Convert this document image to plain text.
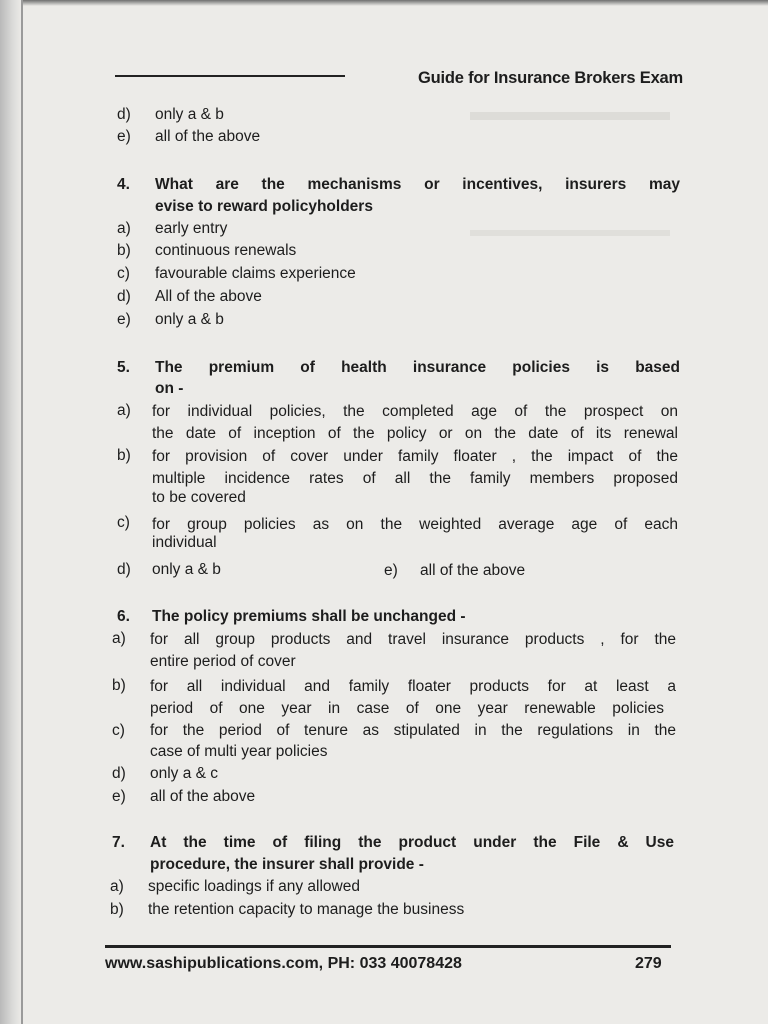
Guide for Insurance Brokers Exam
d) only a & b
e) all of the above
4. What are the mechanisms or incentives, insurers may
evise to reward policyholders
a) early entry
b) continuous renewals
c) favourable claims experience
d) All of the above
e) only a & b
5. The premium of health insurance policies is based
on -
a) for individual policies, the completed age of the prospect on
the date of inception of the policy or on the date of its renewal
b) for provision of cover under family floater , the impact of the
multiple incidence rates of all the family members proposed
to be covered
c) for group policies as on the weighted average age of each
individual
d) only a & b	e) all of the above
6. The policy premiums shall be unchanged -
a) for all group products and travel insurance products , for the
entire period of cover
b) for all individual and family floater products for at least a
period of one year in case of one year renewable policies
c) for the period of tenure as stipulated in the regulations in the
case of multi year policies
d) only a & c
e) all of the above
7. At the time of filing the product under the File & Use
procedure, the insurer shall provide -
a) specific loadings if any allowed
b) the retention capacity to manage the business
www.sashipublications.com, PH: 033 40078428	279
